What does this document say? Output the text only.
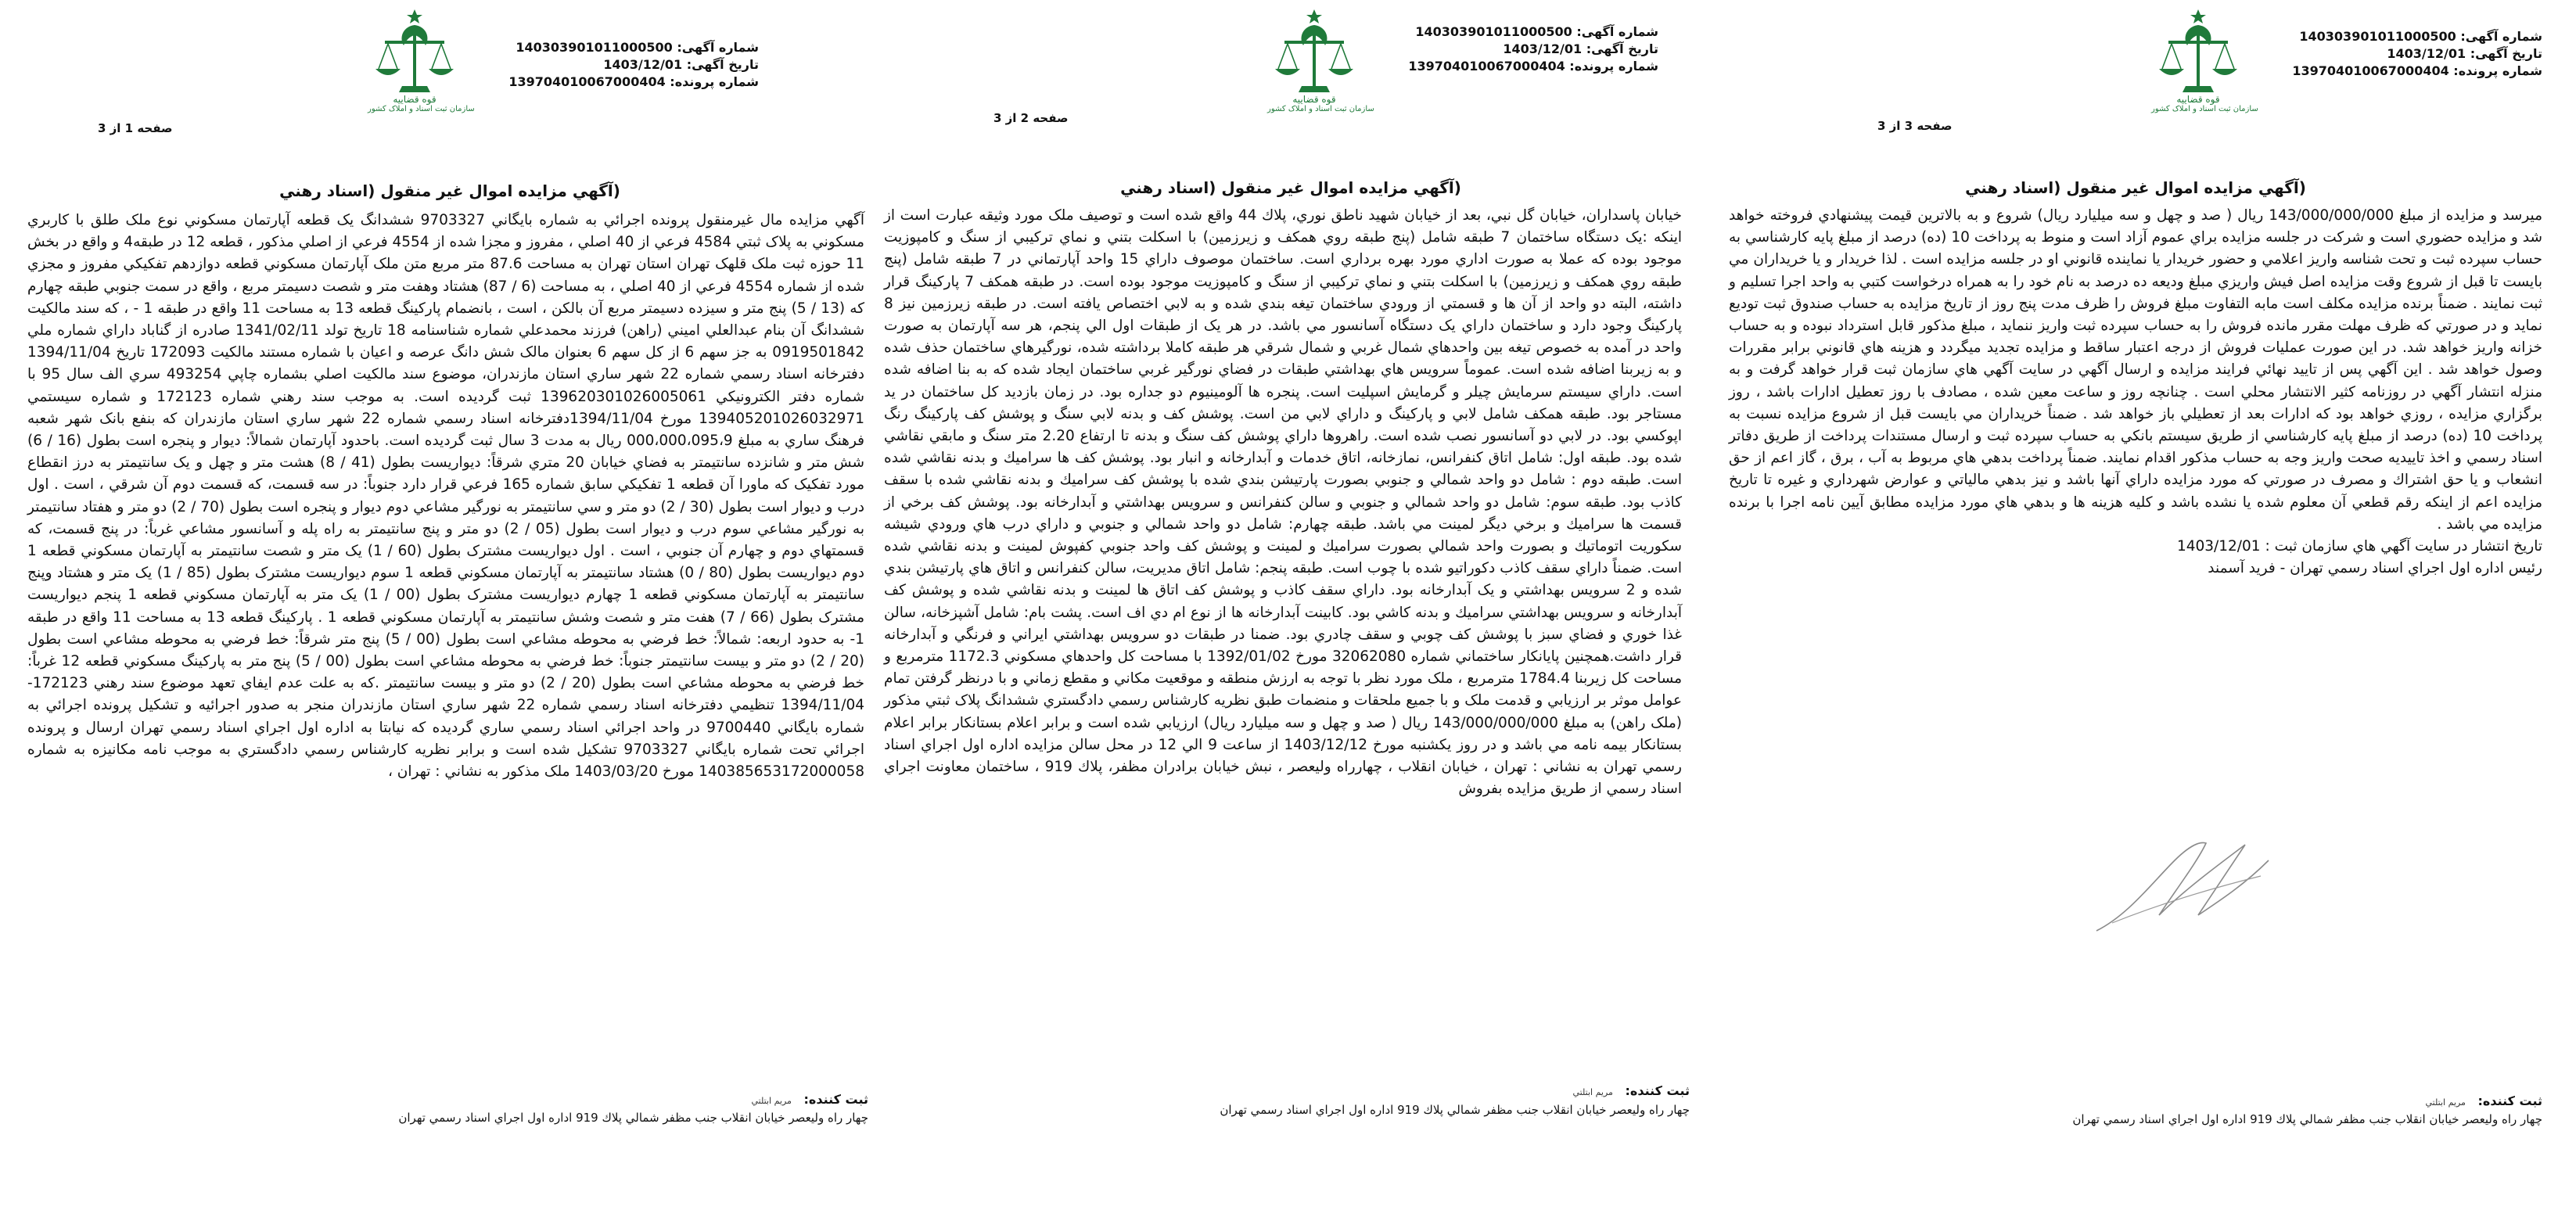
قوه قضاییه
سازمان ثبت اسناد و املاک کشور
شماره آگهی: 140303901011000500
تاریخ آگهی: 1403/12/01
شماره پرونده: 139704010067000404
صفحه 3 از 3
(آگهي مزايده اموال غير منقول (اسناد رهني

ميرسد و مزايده از مبلغ 143/000/000/000 ريال ( صد و چهل و سه ميليارد ريال) شروع و به بالاترين قيمت پيشنهادي فروخته خواهد شد و مزايده حضوري است و شركت در جلسه مزايده براي عموم آزاد است و منوط به پرداخت 10 (ده) درصد از مبلغ پايه كارشناسي به حساب سپرده ثبت و تحت شناسه واريز اعلامي و حضور خريدار يا نماينده قانوني او در جلسه مزايده است . لذا خريدار و يا خريداران مي بايست تا قبل از شروع وقت مزايده اصل فيش واريزي مبلغ وديعه ده درصد به نام خود را به همراه درخواست كتبي به واحد اجرا تسليم و ثبت نمايند . ضمناً برنده مزايده مكلف است مابه التفاوت مبلغ فروش را ظرف مدت پنج روز از تاريخ مزايده به حساب صندوق ثبت توديع نمايد و در صورتي كه ظرف مهلت مقرر مانده فروش را به حساب سپرده ثبت واريز ننمايد ، مبلغ مذكور قابل استرداد نبوده و به حساب خزانه واريز خواهد شد. در اين صورت عمليات فروش از درجه اعتبار ساقط و مزايده تجديد ميگردد و هزينه هاي قانوني برابر مقررات وصول خواهد شد . اين آگهي پس از تاييد نهائي فرايند مزايده و ارسال آگهي در سايت آگهي هاي سازمان ثبت قرار خواهد گرفت و به منزله انتشار آگهي در روزنامه كثير الانتشار محلي است . چنانچه روز و ساعت معين شده ، مصادف با روز تعطيل ادارات باشد ، روز برگزاري مزايده ، روزي خواهد بود كه ادارات بعد از تعطيلي باز خواهد شد . ضمناً خريداران مي بايست قبل از شروع مزايده نسبت به پرداخت 10 (ده) درصد از مبلغ پايه كارشناسي از طريق سيستم بانكي به حساب سپرده ثبت و ارسال مستندات پرداخت از طريق دفاتر اسناد رسمي و اخذ تاييديه صحت واريز وجه به حساب مذكور اقدام نمايند. ضمناً پرداخت بدهي هاي مربوط به آب ، برق ، گاز اعم از حق انشعاب و يا حق اشتراك و مصرف در صورتي كه مورد مزايده داراي آنها باشد و نيز بدهي مالياتي و عوارض شهرداري و غيره تا تاريخ مزايده اعم از اينكه رقم قطعي آن معلوم شده يا نشده باشد و كليه هزينه ها و بدهي هاي مورد مزايده مطابق آيين نامه اجرا با برنده مزايده مي باشد .
تاريخ انتشار در سايت آگهي هاي سازمان ثبت : 1403/12/01
رئيس اداره اول اجراي اسناد رسمي تهران - فريد آسمند

ثبت کننده: مريم ابتلتي
چهار راه وليعصر خيابان انقلاب جنب مظفر شمالي پلاك 919 اداره اول اجراي اسناد رسمي تهران
قوه قضاییه
سازمان ثبت اسناد و املاک کشور
شماره آگهی: 140303901011000500
تاریخ آگهی: 1403/12/01
شماره پرونده: 139704010067000404
صفحه 2 از 3
(آگهي مزايده اموال غير منقول (اسناد رهني

خيابان پاسداران، خيابان گل نبي، بعد از خيابان شهيد ناطق نوري، پلاك 44 واقع شده است و توصيف ملک مورد وثيقه عبارت است از اينكه :يک دستگاه ساختمان 7 طبقه شامل (پنج طبقه روي همکف و زيرزمين) با اسكلت بتني و نماي تركيبي از سنگ و كامپوزيت موجود بوده كه عملا به صورت اداري مورد بهره برداري است. ساختمان موصوف داراي 15 واحد آپارتماني در 7 طبقه شامل (پنج طبقه روي همکف و زيرزمين) با اسكلت بتني و نماي تركيبي از سنگ و كامپوزيت موجود بوده است. در طبقه همكف 7 پاركينگ قرار داشته، البته دو واحد از آن ها و قسمتي از ورودي ساختمان تيغه بندي شده و به لابي اختصاص يافته است. در طبقه زيرزمين نيز 8 پاركينگ وجود دارد و ساختمان داراي يک دستگاه آسانسور مي باشد. در هر يک از طبقات اول الي پنجم، هر سه آپارتمان به صورت واحد در آمده به خصوص تيغه بين واحدهاي شمال غربي و شمال شرقي هر طبقه كاملا برداشته شده، نورگيرهاي ساختمان حذف شده و به زيربنا اضافه شده است. عموماً سرويس هاي بهداشتي طبقات در فضاي نورگير غربي ساختمان ايجاد شده كه به بنا اضافه شده است. داراي سيستم سرمايش چيلر و گرمايش اسپليت است. پنجره ها آلومينيوم دو جداره بود. در زمان بازديد كل ساختمان در يد مستاجر بود. طبقه همكف شامل لابي و پاركينگ و داراي لابي من است. پوشش كف و بدنه لابي سنگ و پوشش كف پاركينگ رنگ اپوكسي بود. در لابي دو آسانسور نصب شده است. راهروها داراي پوشش كف سنگ و بدنه تا ارتفاع 2.20 متر سنگ و مابقي نقاشي شده بود. طبقه اول: شامل اتاق كنفرانس، نمازخانه، اتاق خدمات و آبدارخانه و انبار بود. پوشش كف ها سراميك و بدنه نقاشي شده است. طبقه دوم : شامل دو واحد شمالي و جنوبي بصورت پارتيشن بندي شده با پوشش كف سراميك و بدنه نقاشي شده با سقف كاذب بود. طبقه سوم: شامل دو واحد شمالي و جنوبي و سالن كنفرانس و سرويس بهداشتي و آبدارخانه بود. پوشش كف برخي از قسمت ها سراميك و برخي ديگر لمينت مي باشد. طبقه چهارم: شامل دو واحد شمالي و جنوبي و داراي درب هاي ورودي شيشه سكوريت اتوماتيك و بصورت واحد شمالي بصورت سراميك و لمينت و پوشش كف واحد جنوبي كفپوش لمينت و بدنه نقاشي شده است. ضمناً داراي سقف كاذب دكوراتيو شده با چوب است. طبقه پنجم: شامل اتاق مديريت، سالن كنفرانس و اتاق هاي پارتيشن بندي شده و 2 سرويس بهداشتي و يک آبدارخانه بود. داراي سقف كاذب و پوشش كف اتاق ها لمينت و بدنه نقاشي شده و پوشش كف آبدارخانه و سرويس بهداشتي سراميك و بدنه كاشي بود. كابينت آبدارخانه ها از نوع ام دي اف است. پشت بام: شامل آشپزخانه، سالن غذا خوري و فضاي سبز با پوشش كف چوبي و سقف چادري بود. ضمنا در طبقات دو سرويس بهداشتي ايراني و فرنگي و آبدارخانه قرار داشت.همچنين پايانكار ساختماني شماره 32062080 مورخ 1392/01/02 با مساحت كل واحدهاي مسكوني 1172.3 مترمربع و مساحت كل زيربنا 1784.4 مترمربع ، ملک مورد نظر با توجه به ارزش منطقه و موقعيت مکاني و مقطع زماني و با درنظر گرفتن تمام عوامل موثر بر ارزيابي و قدمت ملک و با جميع ملحقات و منضمات طبق نظريه كارشناس رسمي دادگستري ششدانگ پلاک ثبتي مذکور (ملک راهن) به مبلغ 143/000/000/000 ريال ( صد و چهل و سه ميليارد ريال) ارزيابي شده است و برابر اعلام بستانكار برابر اعلام بستانكار بيمه نامه مي باشد و در روز يكشنبه مورخ 1403/12/12 از ساعت 9 الي 12 در محل سالن مزايده اداره اول اجراي اسناد رسمي تهران به نشاني : تهران ، خيابان انقلاب ، چهارراه وليعصر ، نبش خيابان برادران مظفر، پلاك 919 ، ساختمان معاونت اجراي اسناد رسمي از طريق مزايده بفروش

ثبت کننده: مريم ابتلتي
چهار راه وليعصر خيابان انقلاب جنب مظفر شمالي پلاك 919 اداره اول اجراي اسناد رسمي تهران
قوه قضاییه
سازمان ثبت اسناد و املاک کشور
شماره آگهی: 140303901011000500
تاریخ آگهی: 1403/12/01
شماره پرونده: 139704010067000404
صفحه 1 از 3
(آگهي مزايده اموال غير منقول (اسناد رهني

آگهي مزايده مال غيرمنقول پرونده اجرائي به شماره بايگاني 9703327 ششدانگ يک قطعه آپارتمان مسكوني نوع ملک طلق با كاربري مسكوني به پلاک ثبتي 4584 فرعي از 40 اصلي ، مفروز و مجزا شده از 4554 فرعي از اصلي مذكور ، قطعه 12 در طبقه4 و واقع در بخش 11 حوزه ثبت ملک قلهک تهران استان تهران به مساحت 87.6 متر مربع متن ملک آپارتمان مسكوني قطعه دوازدهم تفكيكي مفروز و مجزي شده از شماره 4554 فرعي از 40 اصلي ، به مساحت (6 / 87) هشتاد وهفت متر و شصت دسيمتر مربع ، واقع در سمت جنوبي طبقه چهارم كه (13 / 5) پنج متر و سيزده دسيمتر مربع آن بالكن ، است ، بانضمام پاركينگ قطعه 13 به مساحت 11 واقع در طبقه 1 - ، كه سند مالكيت ششدانگ آن بنام عبدالعلي اميني (راهن) فرزند محمدعلي شماره شناسنامه 18 تاريخ تولد 1341/02/11 صادره از گناباد داراي شماره ملي 0919501842 به جز سهم 6 از كل سهم 6 بعنوان مالک شش دانگ عرصه و اعيان با شماره مستند مالكيت 172093 تاريخ 1394/11/04 دفترخانه اسناد رسمي شماره 22 شهر ساري استان مازندران، موضوع سند مالكيت اصلي بشماره چاپي 493254 سري الف سال 95 با شماره دفتر الكترونيكي 139620301026005061 ثبت گرديده است. به موجب سند رهني شماره 172123 و شماره سيستمي 139405201026032971 مورخ 1394/11/04دفترخانه اسناد رسمي شماره 22 شهر ساري استان مازندران كه بنفع بانک شهر شعبه فرهنگ ساري به مبلغ 000،000،095،9 ريال به مدت 3 سال ثبت گرديده است. باحدود آپارتمان شمالاً: ديوار و پنجره است بطول (16 / 6) شش متر و شانزده سانتيمتر به فضاي خيابان 20 متري شرقاً: ديواريست بطول (41 / 8) هشت متر و چهل و يک سانتيمتر به درز انقطاع مورد تفكيک كه ماورا آن قطعه 1 تفكيكي سابق شماره 165 فرعي قرار دارد جنوباً: در سه قسمت، كه قسمت دوم آن شرقي ، است . اول درب و ديوار است بطول (30 / 2) دو متر و سي سانتيمتر به نورگير مشاعي دوم ديوار و پنجره است بطول (70 / 2) دو متر و هفتاد سانتيمتر به نورگير مشاعي سوم درب و ديوار است بطول (05 / 2) دو متر و پنج سانتيمتر به راه پله و آسانسور مشاعي غرباً: در پنج قسمت، كه قسمتهاي دوم و چهارم آن جنوبي ، است . اول ديواريست مشترک بطول (60 / 1) يک متر و شصت سانتيمتر به آپارتمان مسكوني قطعه 1 دوم ديواريست بطول (80 / 0) هشتاد سانتيمتر به آپارتمان مسكوني قطعه 1 سوم ديواريست مشترک بطول (85 / 1) يک متر و هشتاد وپنج سانتيمتر به آپارتمان مسكوني قطعه 1 چهارم ديواريست مشترک بطول (00 / 1) يک متر به آپارتمان مسكوني قطعه 1 پنجم ديواريست مشترک بطول (66 / 7) هفت متر و شصت وشش سانتيمتر به آپارتمان مسكوني قطعه 1 . پاركينگ قطعه 13 به مساحت 11 واقع در طبقه 1- به حدود اربعه: شمالاً: خط فرضي به محوطه مشاعي است بطول (00 / 5) پنج متر شرقاً: خط فرضي به محوطه مشاعي است بطول (20 / 2) دو متر و بيست سانتيمتر جنوباً: خط فرضي به محوطه مشاعي است بطول (00 / 5) پنج متر به پاركينگ مسكوني قطعه 12 غرباً: خط فرضي به محوطه مشاعي است بطول (20 / 2) دو متر و بيست سانتيمتر .كه به علت عدم ايفاي تعهد موضوع سند رهني 172123- 1394/11/04 تنظيمي دفترخانه اسناد رسمي شماره 22 شهر ساري استان مازندران منجر به صدور اجرائيه و تشكيل پرونده اجرائي به شماره بايگاني 9700440 در واحد اجرائي اسناد رسمي ساري گرديده كه نيابتا به اداره اول اجراي اسناد رسمي تهران ارسال و پرونده اجرائي تحت شماره بايگاني 9703327 تشكيل شده است و برابر نظريه كارشناس رسمي دادگستري به موجب نامه مكانيزه به شماره 140385653172000058 مورخ 1403/03/20 ملک مذكور به نشاني : تهران ،

ثبت کننده: مريم ابتلتي
چهار راه وليعصر خيابان انقلاب جنب مظفر شمالي پلاك 919 اداره اول اجراي اسناد رسمي تهران
